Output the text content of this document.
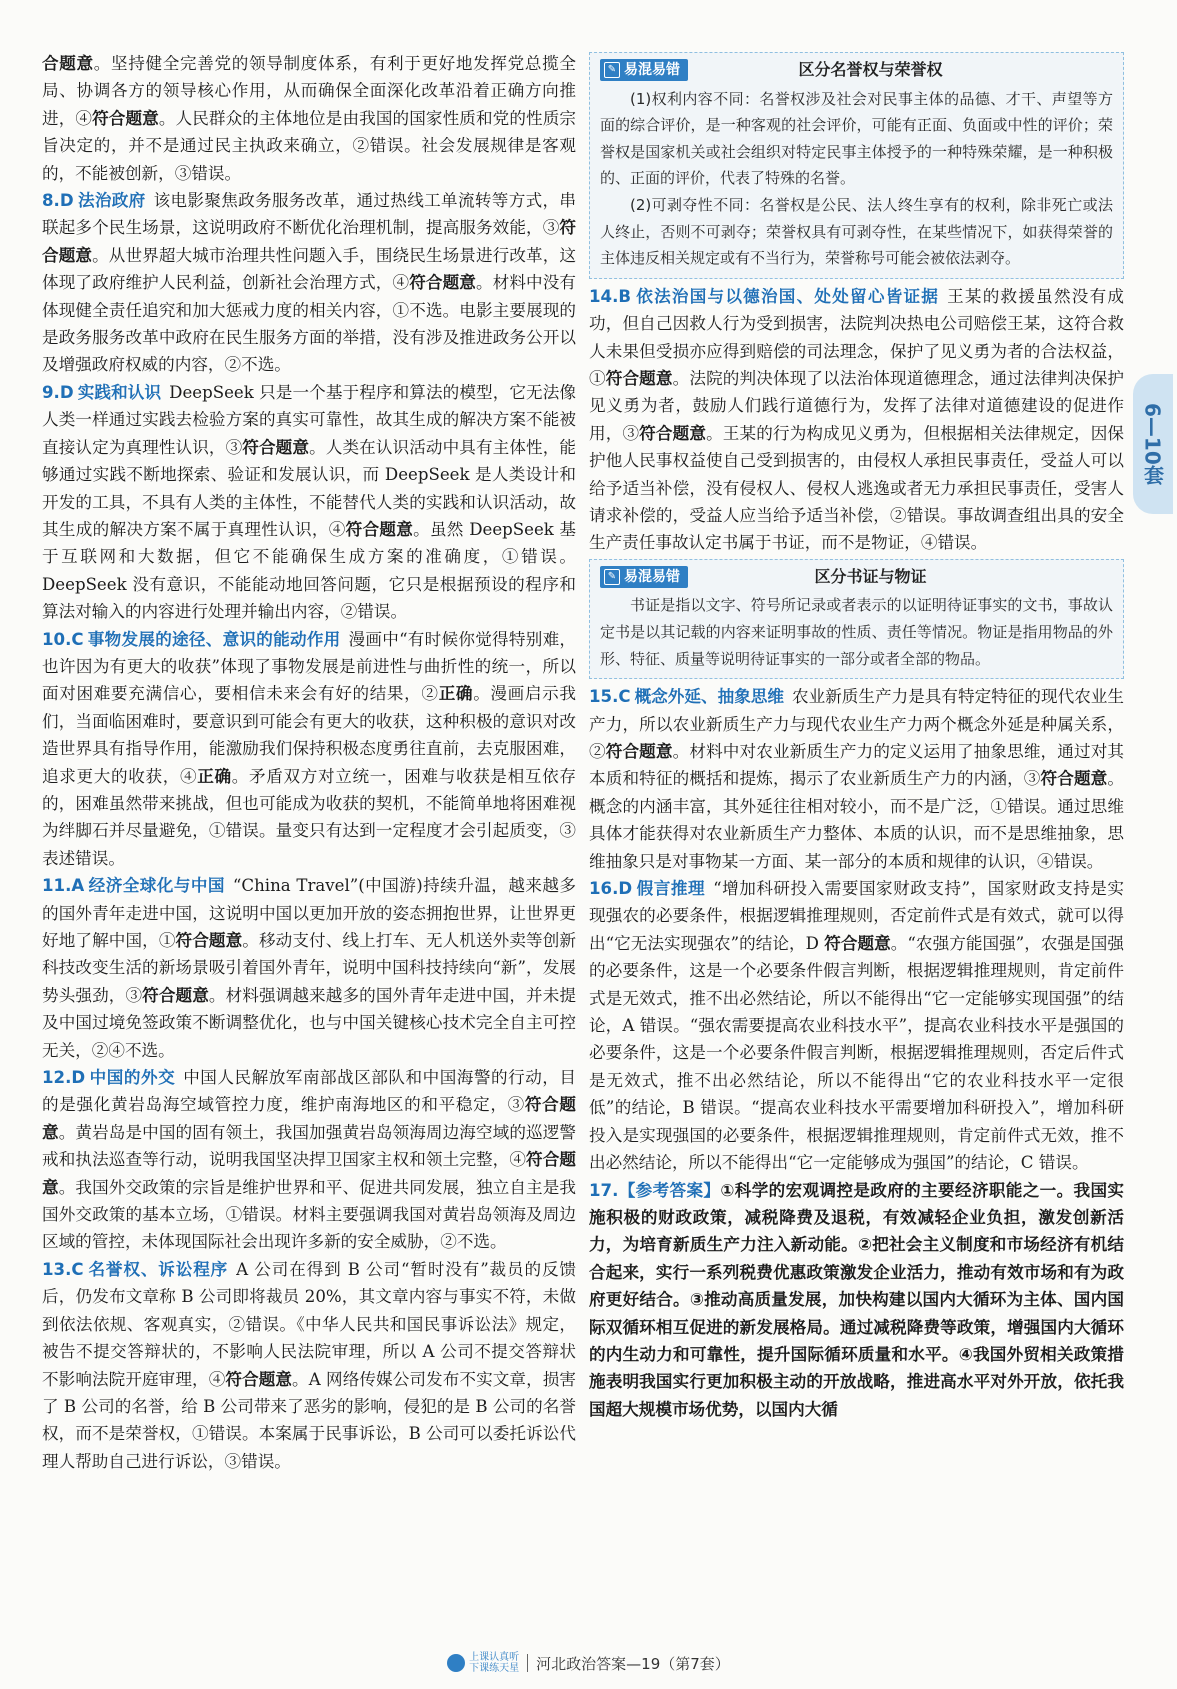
合题意。坚持健全完善党的领导制度体系，有利于更好地发挥党总揽全局、协调各方的领导核心作用，从而确保全面深化改革沿着正确方向推进，④符合题意。人民群众的主体地位是由我国的国家性质和党的性质宗旨决定的，并不是通过民主执政来确立，②错误。社会发展规律是客观的，不能被创新，③错误。

8.D 法治政府 该电影聚焦政务服务改革，通过热线工单流转等方式，串联起多个民生场景，这说明政府不断优化治理机制，提高服务效能，③符合题意。从世界超大城市治理共性问题入手，围绕民生场景进行改革，这体现了政府维护人民利益，创新社会治理方式，④符合题意。材料中没有体现健全责任追究和加大惩戒力度的相关内容，①不选。电影主要展现的是政务服务改革中政府在民生服务方面的举措，没有涉及推进政务公开以及增强政府权威的内容，②不选。

9.D 实践和认识 DeepSeek 只是一个基于程序和算法的模型，它无法像人类一样通过实践去检验方案的真实可靠性，故其生成的解决方案不能被直接认定为真理性认识，③符合题意。人类在认识活动中具有主体性，能够通过实践不断地探索、验证和发展认识，而 DeepSeek 是人类设计和开发的工具，不具有人类的主体性，不能替代人类的实践和认识活动，故其生成的解决方案不属于真理性认识，④符合题意。虽然 DeepSeek 基于互联网和大数据，但它不能确保生成方案的准确度，①错误。DeepSeek 没有意识，不能能动地回答问题，它只是根据预设的程序和算法对输入的内容进行处理并输出内容，②错误。

10.C 事物发展的途径、意识的能动作用 漫画中“有时候你觉得特别难，也许因为有更大的收获”体现了事物发展是前进性与曲折性的统一，所以面对困难要充满信心，要相信未来会有好的结果，②正确。漫画启示我们，当面临困难时，要意识到可能会有更大的收获，这种积极的意识对改造世界具有指导作用，能激励我们保持积极态度勇往直前，去克服困难，追求更大的收获，④正确。矛盾双方对立统一，困难与收获是相互依存的，困难虽然带来挑战，但也可能成为收获的契机，不能简单地将困难视为绊脚石并尽量避免，①错误。量变只有达到一定程度才会引起质变，③表述错误。

11.A 经济全球化与中国 “China Travel”(中国游)持续升温，越来越多的国外青年走进中国，这说明中国以更加开放的姿态拥抱世界，让世界更好地了解中国，①符合题意。移动支付、线上打车、无人机送外卖等创新科技改变生活的新场景吸引着国外青年，说明中国科技持续向“新”，发展势头强劲，③符合题意。材料强调越来越多的国外青年走进中国，并未提及中国过境免签政策不断调整优化，也与中国关键核心技术完全自主可控无关，②④不选。

12.D 中国的外交 中国人民解放军南部战区部队和中国海警的行动，目的是强化黄岩岛海空域管控力度，维护南海地区的和平稳定，③符合题意。黄岩岛是中国的固有领土，我国加强黄岩岛领海周边海空域的巡逻警戒和执法巡查等行动，说明我国坚决捍卫国家主权和领土完整，④符合题意。我国外交政策的宗旨是维护世界和平、促进共同发展，独立自主是我国外交政策的基本立场，①错误。材料主要强调我国对黄岩岛领海及周边区域的管控，未体现国际社会出现许多新的安全威胁，②不选。

13.C 名誉权、诉讼程序 A 公司在得到 B 公司“暂时没有”裁员的反馈后，仍发布文章称 B 公司即将裁员 20%，其文章内容与事实不符，未做到依法依规、客观真实，②错误。《中华人民共和国民事诉讼法》规定，被告不提交答辩状的，不影响人民法院审理，所以 A 公司不提交答辩状不影响法院开庭审理，④符合题意。A 网络传媒公司发布不实文章，损害了 B 公司的名誉，给 B 公司带来了恶劣的影响，侵犯的是 B 公司的名誉权，而不是荣誉权，①错误。本案属于民事诉讼，B 公司可以委托诉讼代理人帮助自己进行诉讼，③错误。

✎ 易混易错	区分名誉权与荣誉权

(1)权利内容不同：名誉权涉及社会对民事主体的品德、才干、声望等方面的综合评价，是一种客观的社会评价，可能有正面、负面或中性的评价；荣誉权是国家机关或社会组织对特定民事主体授予的一种特殊荣耀，是一种积极的、正面的评价，代表了特殊的名誉。

(2)可剥夺性不同：名誉权是公民、法人终生享有的权利，除非死亡或法人终止，否则不可剥夺；荣誉权具有可剥夺性，在某些情况下，如获得荣誉的主体违反相关规定或有不当行为，荣誉称号可能会被依法剥夺。

14.B 依法治国与以德治国、处处留心皆证据 王某的救援虽然没有成功，但自己因救人行为受到损害，法院判决热电公司赔偿王某，这符合救人未果但受损亦应得到赔偿的司法理念，保护了见义勇为者的合法权益，①符合题意。法院的判决体现了以法治体现道德理念，通过法律判决保护见义勇为者，鼓励人们践行道德行为，发挥了法律对道德建设的促进作用，③符合题意。王某的行为构成见义勇为，但根据相关法律规定，因保护他人民事权益使自己受到损害的，由侵权人承担民事责任，受益人可以给予适当补偿，没有侵权人、侵权人逃逸或者无力承担民事责任，受害人请求补偿的，受益人应当给予适当补偿，②错误。事故调查组出具的安全生产责任事故认定书属于书证，而不是物证，④错误。

✎ 易混易错	区分书证与物证

书证是指以文字、符号所记录或者表示的以证明待证事实的文书，事故认定书是以其记载的内容来证明事故的性质、责任等情况。物证是指用物品的外形、特征、质量等说明待证事实的一部分或者全部的物品。

15.C 概念外延、抽象思维 农业新质生产力是具有特定特征的现代农业生产力，所以农业新质生产力与现代农业生产力两个概念外延是种属关系，②符合题意。材料中对农业新质生产力的定义运用了抽象思维，通过对其本质和特征的概括和提炼，揭示了农业新质生产力的内涵，③符合题意。概念的内涵丰富，其外延往往相对较小，而不是广泛，①错误。通过思维具体才能获得对农业新质生产力整体、本质的认识，而不是思维抽象，思维抽象只是对事物某一方面、某一部分的本质和规律的认识，④错误。

16.D 假言推理 “增加科研投入需要国家财政支持”，国家财政支持是实现强农的必要条件，根据逻辑推理规则，否定前件式是有效式，就可以得出“它无法实现强农”的结论，D 符合题意。“农强方能国强”，农强是国强的必要条件，这是一个必要条件假言判断，根据逻辑推理规则，肯定前件式是无效式，推不出必然结论，所以不能得出“它一定能够实现国强”的结论，A 错误。“强农需要提高农业科技水平”，提高农业科技水平是强国的必要条件，这是一个必要条件假言判断，根据逻辑推理规则，否定后件式是无效式，推不出必然结论，所以不能得出“它的农业科技水平一定很低”的结论，B 错误。“提高农业科技水平需要增加科研投入”，增加科研投入是实现强国的必要条件，根据逻辑推理规则，肯定前件式无效，推不出必然结论，所以不能得出“它一定能够成为强国”的结论，C 错误。

17.【参考答案】①科学的宏观调控是政府的主要经济职能之一。我国实施积极的财政政策，减税降费及退税，有效减轻企业负担，激发创新活力，为培育新质生产力注入新动能。②把社会主义制度和市场经济有机结合起来，实行一系列税费优惠政策激发企业活力，推动有效市场和有为政府更好结合。③推动高质量发展，加快构建以国内大循环为主体、国内国际双循环相互促进的新发展格局。通过减税降费等政策，增强国内大循环的内生动力和可靠性，提升国际循环质量和水平。④我国外贸相关政策措施表明我国实行更加积极主动的开放战略，推进高水平对外开放，依托我国超大规模市场优势，以国内大循

6—10套
上课认真听
下课练天星 河北政治答案—19（第7套）
